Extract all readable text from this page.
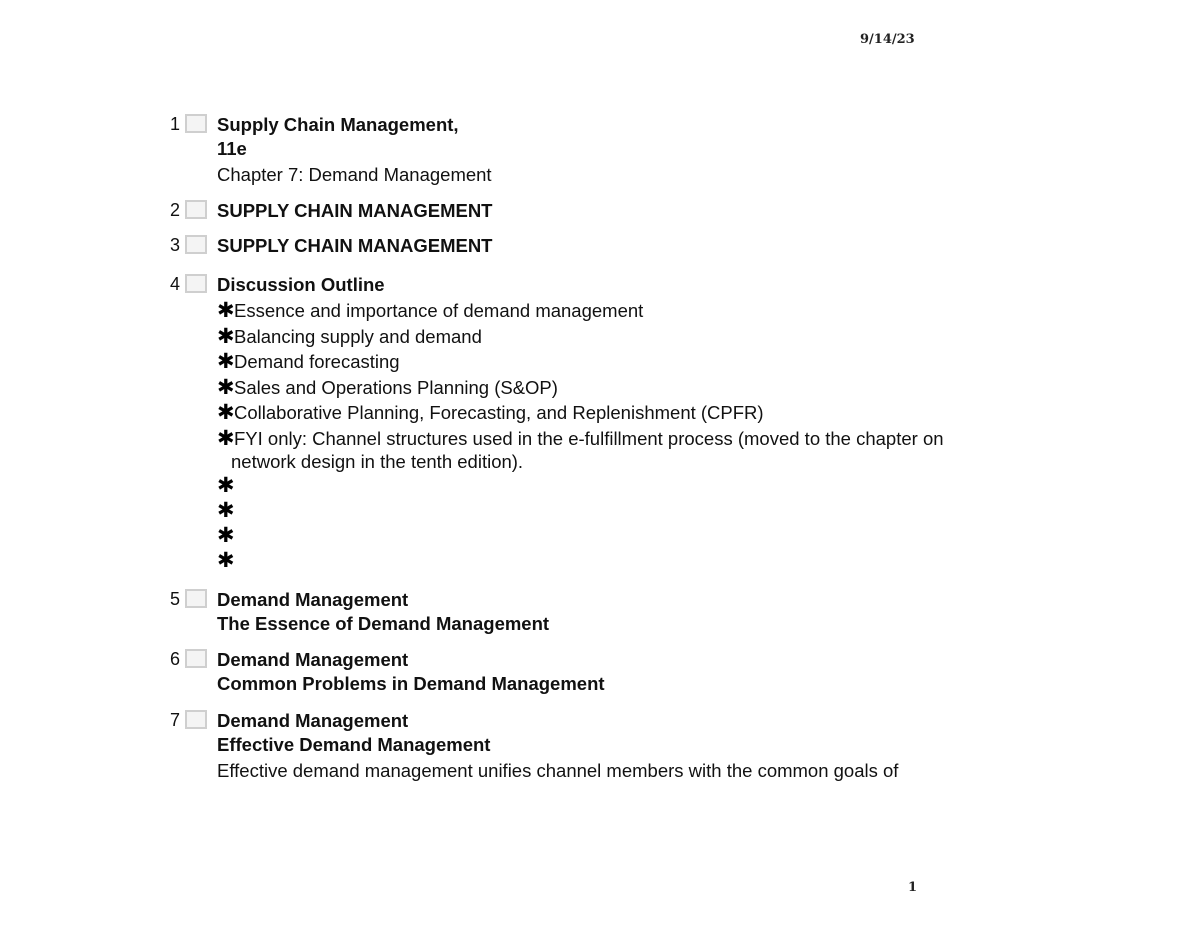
9/14/23
1 Supply Chain Management,
11e
Chapter 7: Demand Management
2 SUPPLY CHAIN MANAGEMENT
3 SUPPLY CHAIN MANAGEMENT
4 Discussion Outline
✱ Essence and importance of demand management
✱ Balancing supply and demand
✱ Demand forecasting
✱ Sales and Operations Planning (S&OP)
✱ Collaborative Planning, Forecasting, and Replenishment (CPFR)
✱ FYI only: Channel structures used in the e-fulfillment process (moved to the chapter on
network design in the tenth edition).
✱
✱
✱
✱
5 Demand Management
The Essence of Demand Management
6 Demand Management
Common Problems in Demand Management
7 Demand Management
Effective Demand Management
Effective demand management unifies channel members with the common goals of
1
